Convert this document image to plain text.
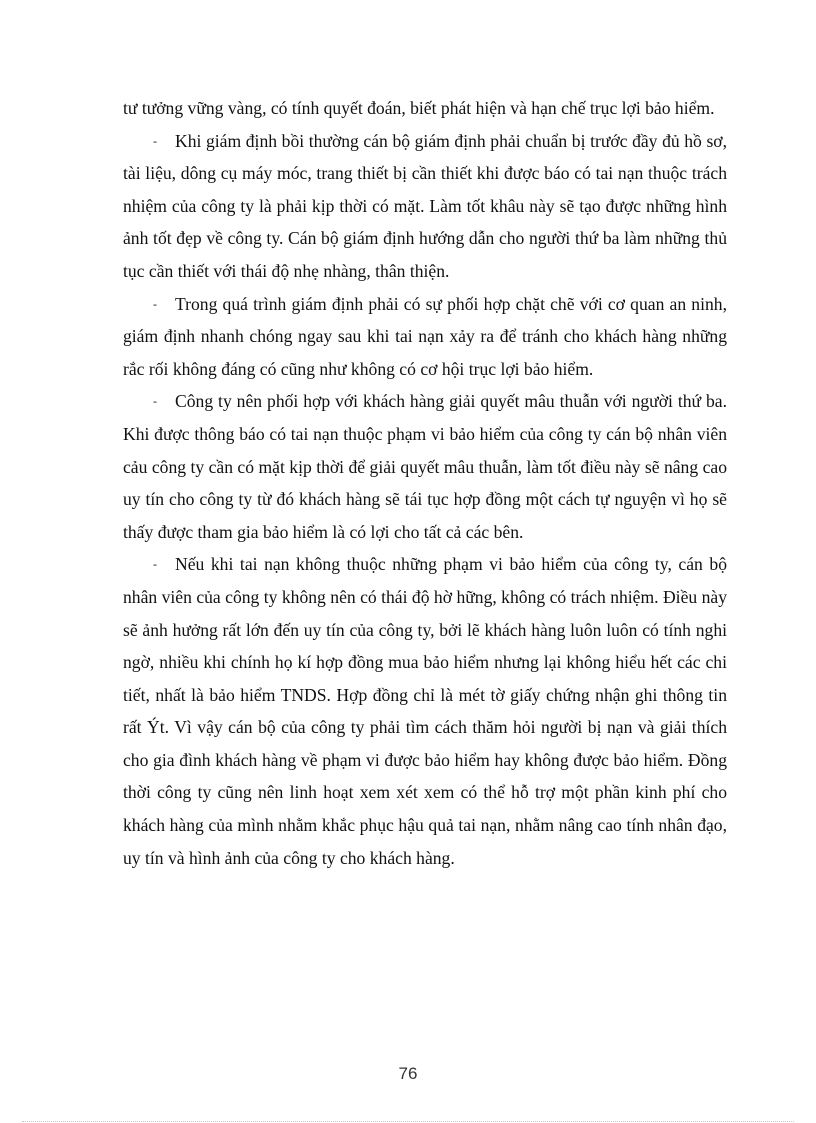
tư tưởng vững vàng, có tính quyết đoán, biết phát hiện và hạn chế trục lợi bảo hiểm.

- Khi giám định bồi thường cán bộ giám định phải chuẩn bị trước đầy đủ hồ sơ, tài liệu, dông cụ máy móc, trang thiết bị cần thiết khi được báo có tai nạn thuộc trách nhiệm của công ty là phải kịp thời có mặt. Làm tốt khâu này sẽ tạo được những hình ảnh tốt đẹp về công ty. Cán bộ giám định hướng dẫn cho người thứ ba làm những thủ tục cần thiết với thái độ nhẹ nhàng, thân thiện.

- Trong quá trình giám định phải có sự phối hợp chặt chẽ với cơ quan an ninh, giám định nhanh chóng ngay sau khi tai nạn xảy ra để tránh cho khách hàng những rắc rối không đáng có cũng như không có cơ hội trục lợi bảo hiểm.

- Công ty nên phối hợp với khách hàng giải quyết mâu thuẫn với người thứ ba. Khi được thông báo có tai nạn thuộc phạm vi bảo hiểm của công ty cán bộ nhân viên cảu công ty cần có mặt kịp thời để giải quyết mâu thuẫn, làm tốt điều này sẽ nâng cao uy tín cho công ty từ đó khách hàng sẽ tái tục hợp đồng một cách tự nguyện vì họ sẽ thấy được tham gia bảo hiểm là có lợi cho tất cả các bên.

- Nếu khi tai nạn không thuộc những phạm vi bảo hiểm của công ty, cán bộ nhân viên của công ty không nên có thái độ hờ hững, không có trách nhiệm. Điều này sẽ ảnh hưởng rất lớn đến uy tín của công ty, bởi lẽ khách hàng luôn luôn có tính nghi ngờ, nhiều khi chính họ kí hợp đồng mua bảo hiểm nhưng lại không hiểu hết các chi tiết, nhất là bảo hiểm TNDS. Hợp đồng chỉ là mét tờ giấy chứng nhận ghi thông tin rất Ýt. Vì vậy cán bộ của công ty phải tìm cách thăm hỏi người bị nạn và giải thích cho gia đình khách hàng về phạm vi được bảo hiểm hay không được bảo hiểm. Đồng thời công ty cũng nên linh hoạt xem xét xem có thể hỗ trợ một phần kinh phí cho khách hàng của mình nhằm khắc phục hậu quả tai nạn, nhằm nâng cao tính nhân đạo, uy tín và hình ảnh của công ty cho khách hàng.

76
